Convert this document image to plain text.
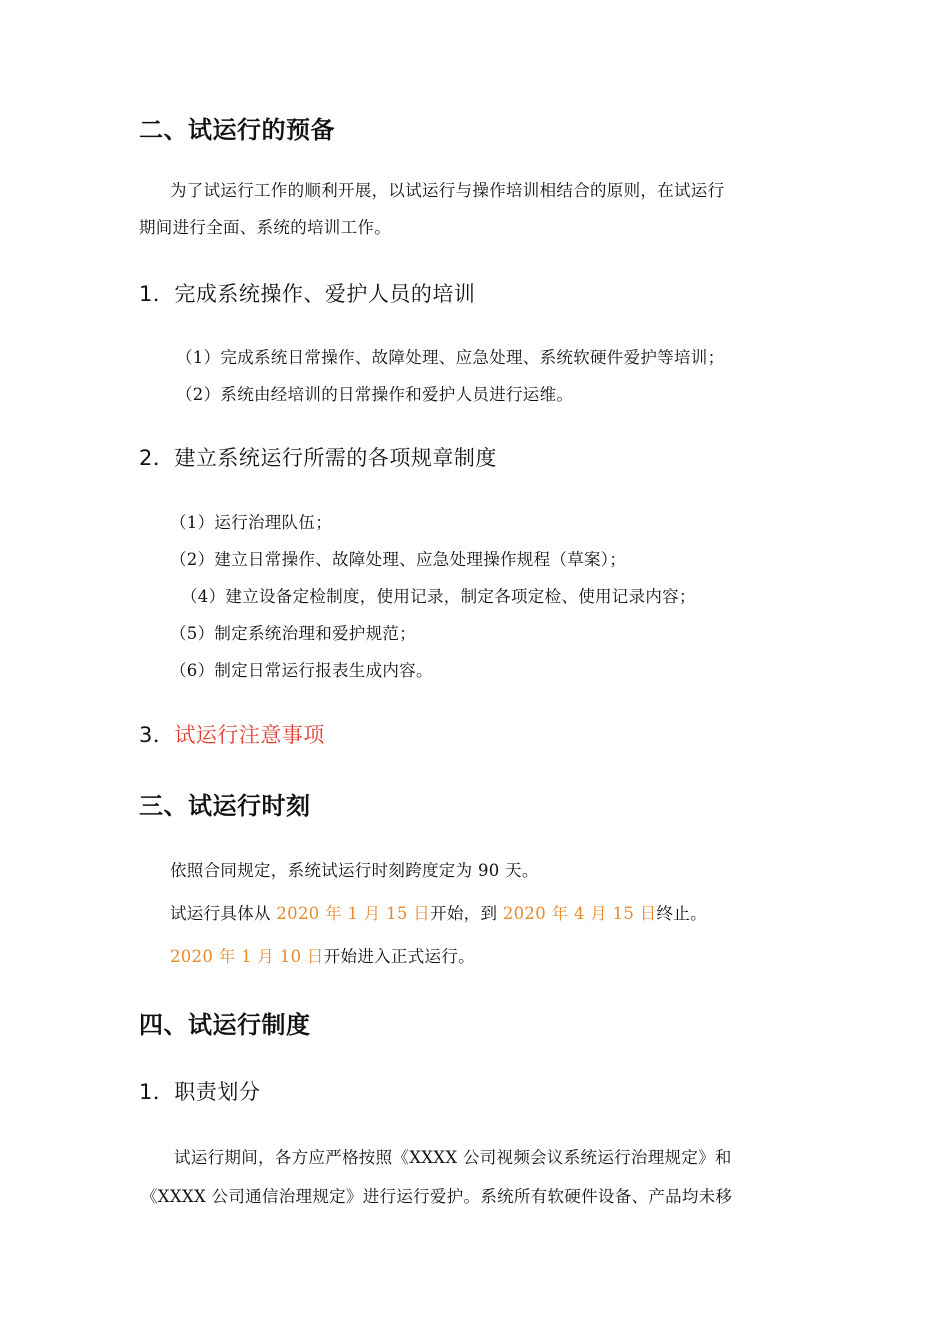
二、试运行的预备
为了试运行工作的顺利开展，以试运行与操作培训相结合的原则，在试运行
期间进行全面、系统的培训工作。
1．完成系统操作、爱护人员的培训
（1）完成系统日常操作、故障处理、应急处理、系统软硬件爱护等培训；
（2）系统由经培训的日常操作和爱护人员进行运维。
2．建立系统运行所需的各项规章制度
（1）运行治理队伍；
（2）建立日常操作、故障处理、应急处理操作规程（草案）；
（4）建立设备定检制度，使用记录，制定各项定检、使用记录内容；
（5）制定系统治理和爱护规范；
（6）制定日常运行报表生成内容。
3．试运行注意事项
三、试运行时刻
依照合同规定，系统试运行时刻跨度定为 90 天。
试运行具体从 2020 年 1 月 15 日开始，到 2020 年 4 月 15 日终止。
2020 年 1 月 10 日开始进入正式运行。
四、试运行制度
1．职责划分
试运行期间，各方应严格按照《XXXX 公司视频会议系统运行治理规定》和
《XXXX 公司通信治理规定》进行运行爱护。系统所有软硬件设备、产品均未移
